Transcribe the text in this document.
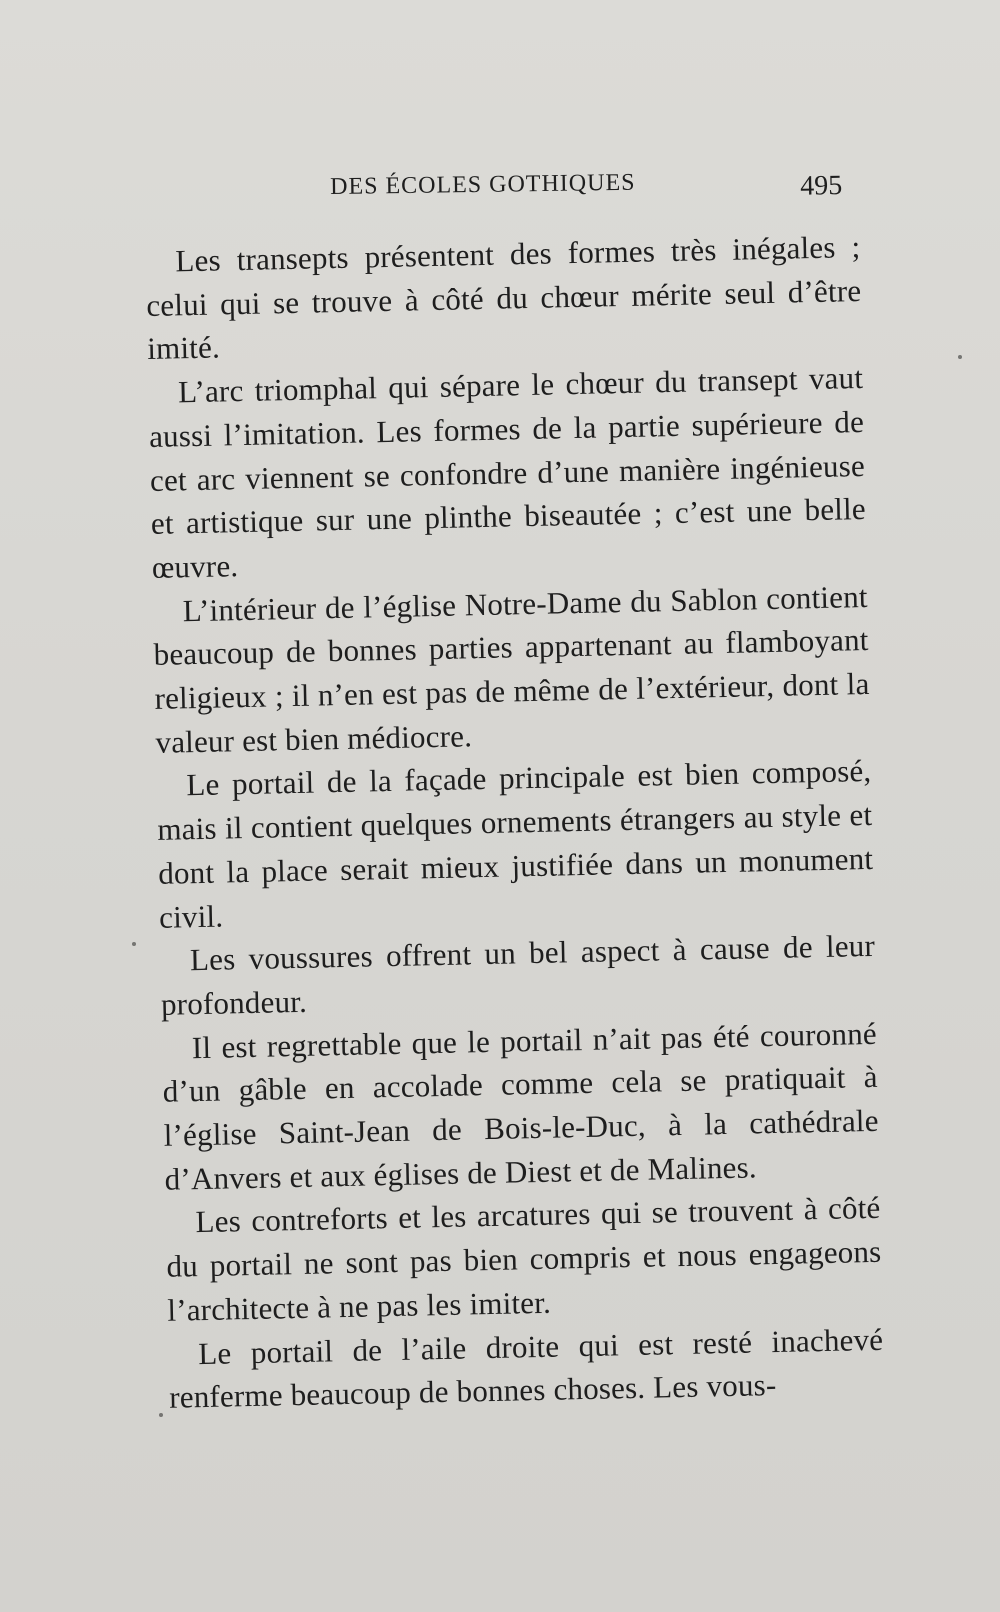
DES ÉCOLES GOTHIQUES	495

Les transepts présentent des formes très inégales ; celui qui se trouve à côté du chœur mérite seul d’être imité.

L’arc triomphal qui sépare le chœur du transept vaut aussi l’imitation. Les formes de la partie supérieure de cet arc viennent se confondre d’une manière ingénieuse et artistique sur une plinthe biseautée ; c’est une belle œuvre.

L’intérieur de l’église Notre-Dame du Sablon contient beaucoup de bonnes parties appartenant au flamboyant religieux ; il n’en est pas de même de l’extérieur, dont la valeur est bien médiocre.

Le portail de la façade principale est bien composé, mais il contient quelques ornements étrangers au style et dont la place serait mieux justifiée dans un monument civil.

Les voussures offrent un bel aspect à cause de leur profondeur.

Il est regrettable que le portail n’ait pas été couronné d’un gâble en accolade comme cela se pratiquait à l’église Saint-Jean de Bois-le-Duc, à la cathédrale d’Anvers et aux églises de Diest et de Malines.

Les contreforts et les arcatures qui se trouvent à côté du portail ne sont pas bien compris et nous engageons l’architecte à ne pas les imiter.

Le portail de l’aile droite qui est resté inachevé renferme beaucoup de bonnes choses. Les vous-
